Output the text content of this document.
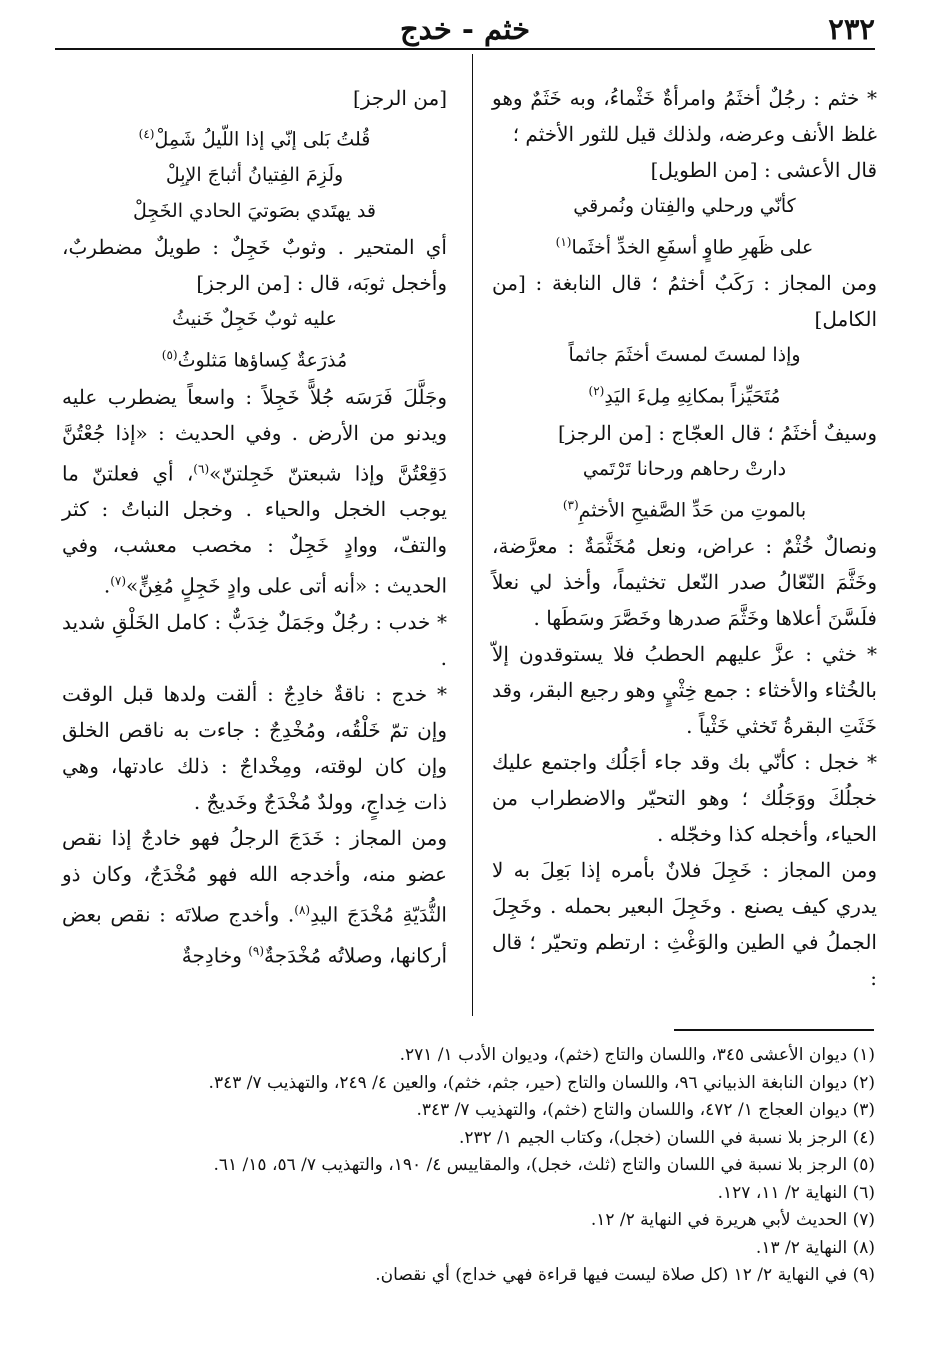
٢٣٢
خثم - خدج

* خثم : رجُلٌ أخثَمُ وامرأةٌ خَثْماءُ، وبه خَثَمٌ وهو غلظ الأنف وعرضه، ولذلك قيل للثور الأخثم ؛

قال الأعشى : [من الطويل]

كأنّي ورحلي والفِتان ونُمرقي

على ظَهرِ طاوٍ أسفَعِ الخدِّ أخثَما$^{(١)}$

ومن المجاز : رَكَبٌ أخثمُ ؛ قال النابغة : [من الكامل]

وإذا لمستَ لمستَ أخثَمَ جاثماً

مُتَحَيِّزاً بمكانِهِ مِلءَ اليَدِ$^{(٢)}$

وسيفٌ أخثَمُ ؛ قال العجّاج : [من الرجز]

دارتْ رحاهم ورحانا تَرْتَمي

بالموتِ من حَدِّ الصَّفيحِ الأخثمِ$^{(٣)}$

ونصالٌ خُثْمٌ : عراض، ونعل مُخَثَّمَةٌ : معرَّضة، وخَثَّمَ النّعّالُ صدر النّعل تخثيماً، وأخذ لي نعلاً فلَسَّنَ أعلاها وخَثَّمَ صدرها وخَصَّرَ وسَطَها .

* خثي : عزَّ عليهم الحطبُ فلا يستوقدون إلاّ بالخُثاء والأخثاء : جمع خِثْيٍ وهو رجيع البقر، وقد خَثَتِ البقرةُ تَخثي خَثْياً .

* خجل : كأنّي بك وقد جاء أجَلُك واجتمع عليك خجلُكَ ووَجَلُك ؛ وهو التحيّر والاضطراب من الحياء، وأخجله كذا وخجّله .

ومن المجاز : خَجِلَ فلانٌ بأمره إذا بَعِلَ به لا يدري كيف يصنع . وخَجِلَ البعير بحمله . وخَجِلَ الجملُ في الطين والوَغْثِ : ارتطم وتحيّر ؛ قال :

[من الرجز]

قُلتُ بَلى إنّي إذا اللّيلُ شَمِلْ$^{(٤)}$

ولَزِمَ الفِتيانُ أثباجَ الإبِلْ

قد يهتَدي بصَوتيَ الحادي الخَجِلْ

أي المتحير . وثوبٌ خَجِلٌ : طويلٌ مضطربٌ، وأخجل ثوبَه، قال : [من الرجز]

عليه ثوبٌ خَجِلٌ خَنيثُ

مُذرَعةٌ كِساؤها مَثلوثُ$^{(٥)}$

وجَلَّلَ فَرَسَه جُلاًّ خَجِلاً : واسعاً يضطرب عليه ويدنو من الأرض . وفي الحديث : «إذا جُعْتُنَّ دَقِعْتُنَّ وإذا شبعتنّ خَجِلتنّ»$^{(٦)}$، أي فعلتنّ ما يوجب الخجل والحياء . وخجل النباتُ : كثر والتفّ، ووادٍ خَجِلٌ : مخصب معشب، وفي الحديث : «أنه أتى على وادٍ خَجِلٍ مُغِنٍّ»$^{(٧)}$.

* خدب : رجُلٌ وجَمَلٌ خِدَبٌّ : كامل الخَلْقِ شديد .

* خدج : ناقةٌ خادِجٌ : ألقت ولدها قبل الوقت وإن تمّ خَلْقُه، ومُخْدِجٌ : جاءت به ناقص الخلق وإن كان لوقته، ومِخْداجٌ : ذلك عادتها، وهي ذات خِداجٍ، وولدٌ مُخْدَجٌ وخَديجٌ .

ومن المجاز : خَدَجَ الرجلُ فهو خادجٌ إذا نقص عضو منه، وأخدجه الله فهو مُخْدَجٌ، وكان ذو الثُّدَيّةِ مُخْدَجَ اليدِ$^{(٨)}$. وأخدج صلاتَه : نقص بعض أركانها، وصلاتُه مُخْدَجةٌ$^{(٩)}$ وخادِجةٌ

(١) ديوان الأعشى ٣٤٥، واللسان والتاج (خثم)، وديوان الأدب ١/ ٢٧١.

(٢) ديوان النابغة الذبياني ٩٦، واللسان والتاج (حير، جثم، خثم)، والعين ٤/ ٢٤٩، والتهذيب ٧/ ٣٤٣.

(٣) ديوان العجاج ١/ ٤٧٢، واللسان والتاج (خثم)، والتهذيب ٧/ ٣٤٣.

(٤) الرجز بلا نسبة في اللسان (خجل)، وكتاب الجيم ١/ ٢٣٢.

(٥) الرجز بلا نسبة في اللسان والتاج (ثلث، خجل)، والمقاييس ٤/ ١٩٠، والتهذيب ٧/ ٥٦، ١٥/ ٦١.

(٦) النهاية ٢/ ١١، ١٢٧.

(٧) الحديث لأبي هريرة في النهاية ٢/ ١٢.

(٨) النهاية ٢/ ١٣.

(٩) في النهاية ٢/ ١٢ (كل صلاة ليست فيها قراءة فهي خداج) أي نقصان.
